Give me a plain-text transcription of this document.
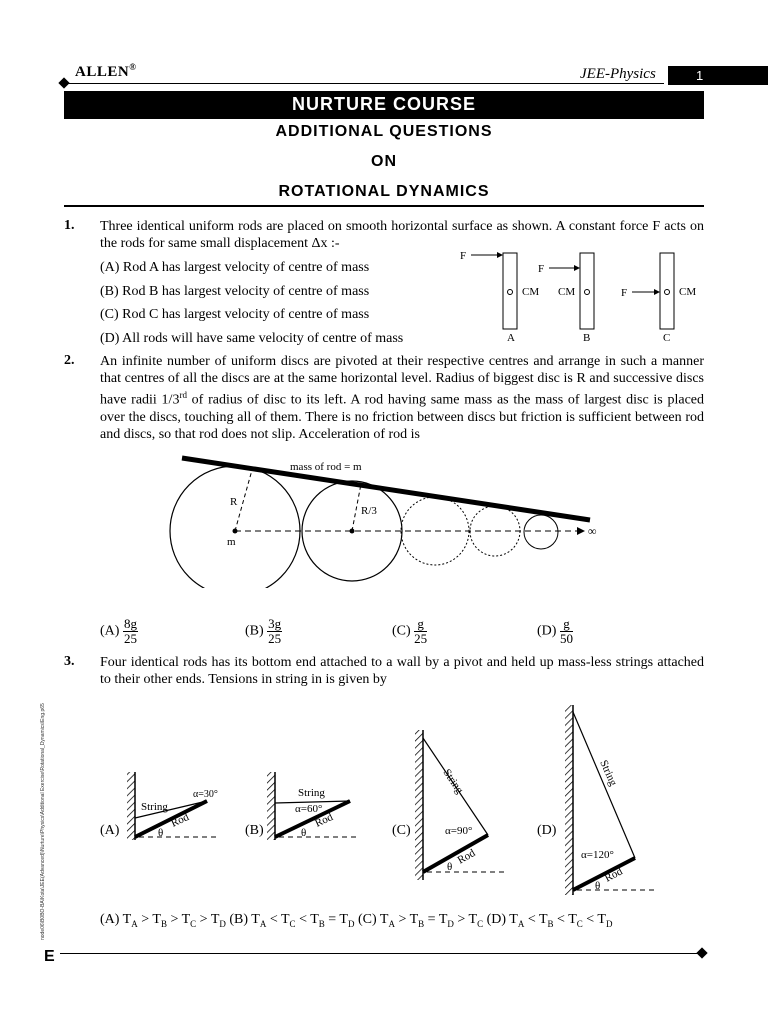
ALLEN®	JEE-Physics	1
NURTURE COURSE
ADDITIONAL QUESTIONS
ON
ROTATIONAL DYNAMICS
1. Three identical uniform rods are placed on smooth horizontal surface as shown. A constant force F acts on the rods for same small displacement Δx :-
(A) Rod A has largest velocity of centre of mass
(B) Rod B has largest velocity of centre of mass
(C) Rod C has largest velocity of centre of mass
(D) All rods will have same velocity of centre of mass
F
CM
A
F
CM
B
F	CM
C
2. An infinite number of uniform discs are pivoted at their respective centres and arrange in such a manner that centres of all the discs are at the same horizontal level. Radius of biggest disc is R and successive discs have radii 1/3rd of radius of disc to its left. A rod having same mass as the mass of largest disc is placed over the discs, touching all of them. There is no friction between discs but friction is sufficient between rod and discs, so that rod does not slip. Acceleration of rod is
mass of rod = m
R
R/3
m
∞
$(A) \frac{8g}{25}$	$(B) \frac{3g}{25}$	$(C) \frac{g}{25}$	$(D) \frac{g}{50}$
3. Four identical rods has its bottom end attached to a wall by a pivot and held up mass-less strings attached to their other ends. Tensions in string in is given by
(A)
String
α=30°
Rod
θ	(B)
String
α=60°
Rod
θ	(C)
String
α=90°
Rod
θ
(D)
String
α=120°
Rod
θ
(A) $T_A > T_B > T_C > T_D$ (B) $T_A < T_C < T_B = T_D$ (C) $T_A > T_B = T_D > T_C$ (D) $T_A < T_B < T_C < T_D$
node06\B0BO-BA\Kota\JEE(Advanced)\Nurture\Physics\Additional Exercise\Rotational_Dynamics\Eng.p65
E
